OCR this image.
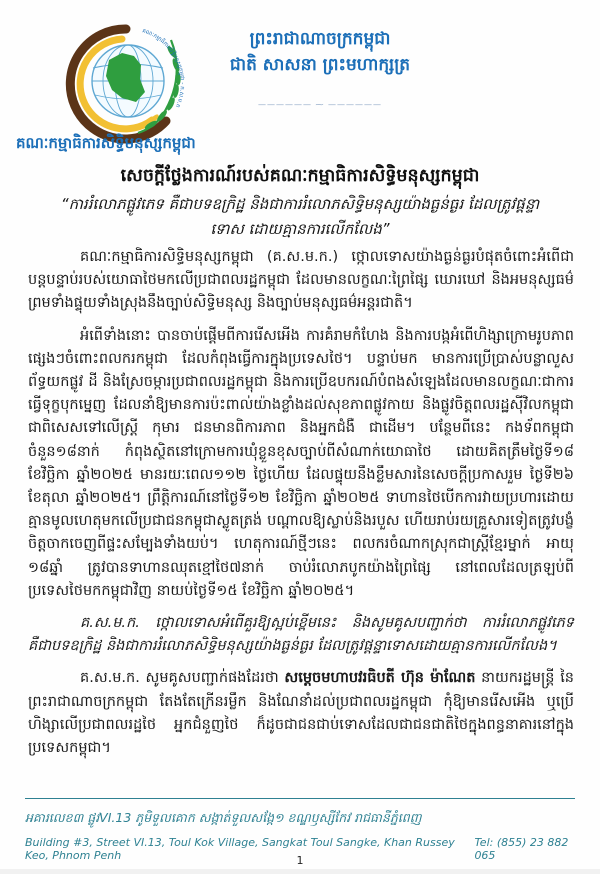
ព្រះរាជាណាចក្រកម្ពុជា
ជាតិ សាសនា ព្រះមហាក្សត្រ
—————— ⁓ ——————
គណៈកម្មាធិការសិទ្ធិមនុស្សកម្ពុជា - ក.ស.ម.ក
គណៈកម្មាធិការសិទ្ធិមនុស្សកម្ពុជា
សេចក្តីថ្លែងការណ៍របស់គណៈកម្មាធិការសិទ្ធិមនុស្សកម្ពុជា
“ការរំលោភផ្លូវភេទ គឺជាបទឧក្រិដ្ឋ និងជាការរំលោភសិទ្ធិមនុស្សយ៉ាងធ្ងន់ធ្ងរ ដែលត្រូវផ្តន្ទាទោស ដោយគ្មានការលើកលែង”

គណៈកម្មាធិការសិទ្ធិមនុស្សកម្ពុជា (គ.ស.ម.ក.) ថ្កោលទោសយ៉ាងធ្ងន់ធ្ងរបំផុតចំពោះអំពើជាបន្តបន្ទាប់របស់យោធាថៃមកលើប្រជាពលរដ្ឋកម្ពុជា ដែលមានលក្ខណៈព្រៃផ្សៃ ឃោរឃៅ និងអមនុស្សធម៌ ព្រមទាំងផ្ទុយទាំងស្រុងនឹងច្បាប់សិទ្ធិមនុស្ស និងច្បាប់មនុស្សធម៌អន្តរជាតិ។

អំពើទាំងនោះ បានចាប់ផ្តើមពីការរើសអើង ការគំរាមកំហែង និងការបង្កអំពើហិង្សាក្រោមរូបភាពផ្សេងៗចំពោះពលករកម្ពុជា ដែលកំពុងធ្វើការក្នុងប្រទេសថៃ។ បន្ទាប់មក មានការប្រើប្រាស់បន្លាលួសព័ទ្ធយកផ្លូវ ដី និងស្រែចម្ការប្រជាពលរដ្ឋកម្ពុជា និងការប្រើឧបករណ៍បំពងសំឡេងដែលមានលក្ខណៈជាការធ្វើទុក្ខបុកម្នេញ ដែលនាំឱ្យមានការប៉ះពាល់យ៉ាងខ្លាំងដល់សុខភាពផ្លូវកាយ និងផ្លូវចិត្តពលរដ្ឋស៊ីវិលកម្ពុជា ជាពិសេសទៅលើស្ត្រី កុមារ ជនមានពិការភាព និងអ្នកជំងឺ ជាដើម។ បន្ថែមពីនេះ កងទ័ពកម្ពុជាចំនួន១៨នាក់ កំពុងស្ថិតនៅក្រោមការឃុំខ្លួនខុសច្បាប់ពីសំណាក់យោធាថៃ ដោយគិតត្រឹមថ្ងៃទី១៨ ខែវិច្ឆិកា ឆ្នាំ២០២៥ មានរយៈពេល១១២ ថ្ងៃហើយ ដែលផ្ទុយនឹងខ្លឹមសារនៃសេចក្តីប្រកាសរួម ថ្ងៃទី២៦ ខែតុលា ឆ្នាំ២០២៥។ ព្រឹត្តិការណ៍នៅថ្ងៃទី១២ ខែវិច្ឆិកា ឆ្នាំ២០២៥ ទាហានថៃបើកការវាយប្រហារដោយគ្មានមូលហេតុមកលើប្រជាជនកម្ពុជាស្លូតត្រង់ បណ្តាលឱ្យស្លាប់និងរបួស ហើយរាប់រយគ្រួសារទៀតត្រូវបង្ខំចិត្តចាកចេញពីផ្ទះសម្បែងទាំងយប់។ ហេតុការណ៍ថ្មីៗនេះ ពលករចំណាកស្រុកជាស្ត្រីខ្មែរម្នាក់ អាយុ ១៨ឆ្នាំ ត្រូវបានទាហានឈុតខ្មៅថៃ៧នាក់ ចាប់រំលោភបូកយ៉ាងព្រៃផ្សៃ នៅពេលដែលត្រឡប់ពីប្រទេសថៃមកកម្ពុជាវិញ នាយប់ថ្ងៃទី១៥ ខែវិច្ឆិកា ឆ្នាំ២០២៥។

គ.ស.ម.ក. ថ្កោលទោសអំពើគួរឱ្យស្អប់ខ្ពើមនេះ និងសូមគូសបញ្ជាក់ថា ការរំលោភផ្លូវភេទ គឺជាបទឧក្រិដ្ឋ និងជាការរំលោភសិទ្ធិមនុស្សយ៉ាងធ្ងន់ធ្ងរ ដែលត្រូវផ្តន្ទាទោសដោយគ្មានការលើកលែង។

គ.ស.ម.ក. សូមគូសបញ្ជាក់ផងដែរថា សម្តេចមហាបវរធិបតី ហ៊ុន ម៉ាណែត នាយករដ្ឋមន្ត្រី នៃព្រះរាជាណាចក្រកម្ពុជា តែងតែក្រើនរម្លឹក និងណែនាំដល់ប្រជាពលរដ្ឋកម្ពុជា កុំឱ្យមានរើសអើង ឬប្រើហិង្សាលើប្រជាពលរដ្ឋថៃ អ្នកជំនួញថៃ ក៏ដូចជាជនជាប់ទោសដែលជាជនជាតិថៃក្នុងពន្ធនាគារនៅក្នុងប្រទេសកម្ពុជា។

អគារលេខ៣ ផ្លូវVI.13 ភូមិទួលគោក សង្កាត់ទួលសង្កែ១ ខណ្ឌឫស្សីកែវ រាជធានីភ្នំពេញ
Building #3, Street VI.13, Toul Kok Village, Sangkat Toul Sangke, Khan Russey Keo, Phnom Penh
Tel: (855) 23 882 065
1
